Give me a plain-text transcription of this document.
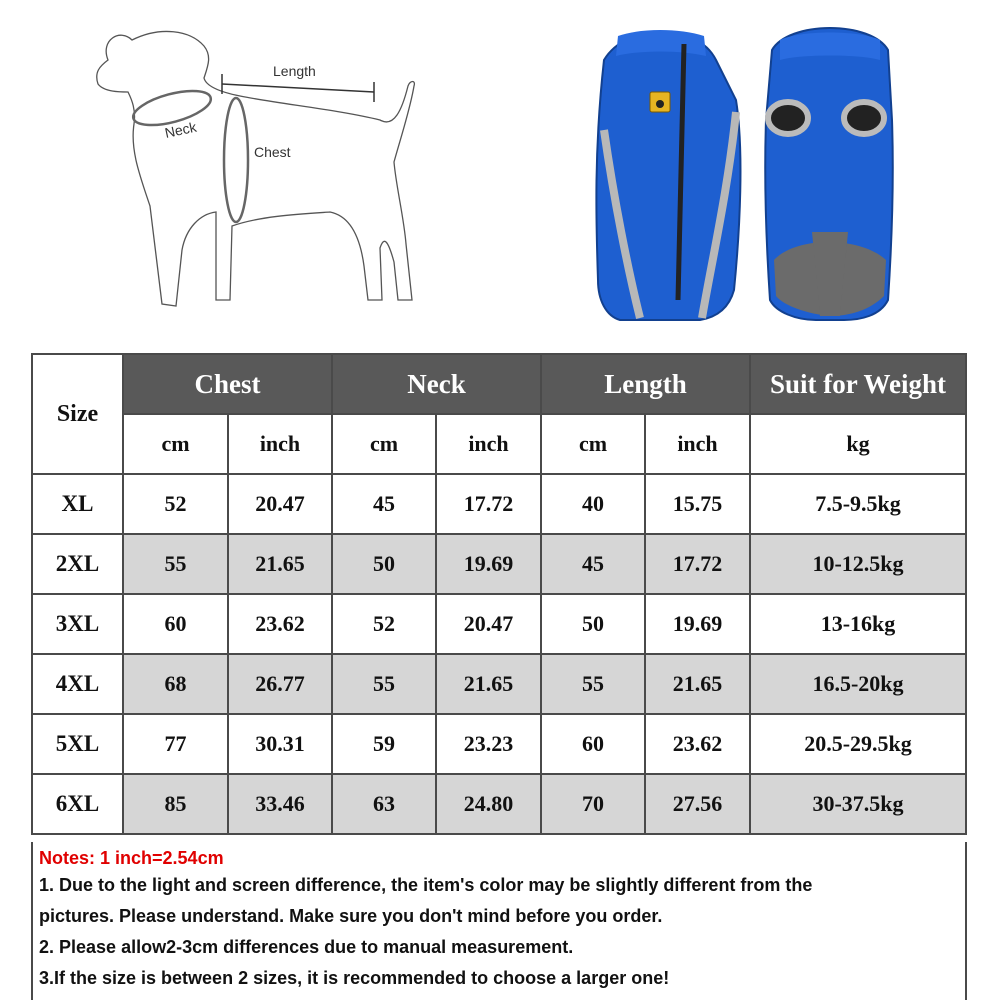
Length
Neck
Chest
Size	Chest		Neck		Length		Suit for Weight
	cm	inch	cm	inch	cm	inch	kg
XL	52	20.47	45	17.72	40	15.75	7.5-9.5kg
2XL	55	21.65	50	19.69	45	17.72	10-12.5kg
3XL	60	23.62	52	20.47	50	19.69	13-16kg
4XL	68	26.77	55	21.65	55	21.65	16.5-20kg
5XL	77	30.31	59	23.23	60	23.62	20.5-29.5kg
6XL	85	33.46	63	24.80	70	27.56	30-37.5kg
Notes: 1 inch=2.54cm
1. Due to the light and screen difference, the item's color may be slightly different from the
pictures. Please understand. Make sure you don't mind before you order.
2. Please allow2-3cm differences due to manual measurement.
3.If the size is between 2 sizes, it is recommended to choose a larger one!
